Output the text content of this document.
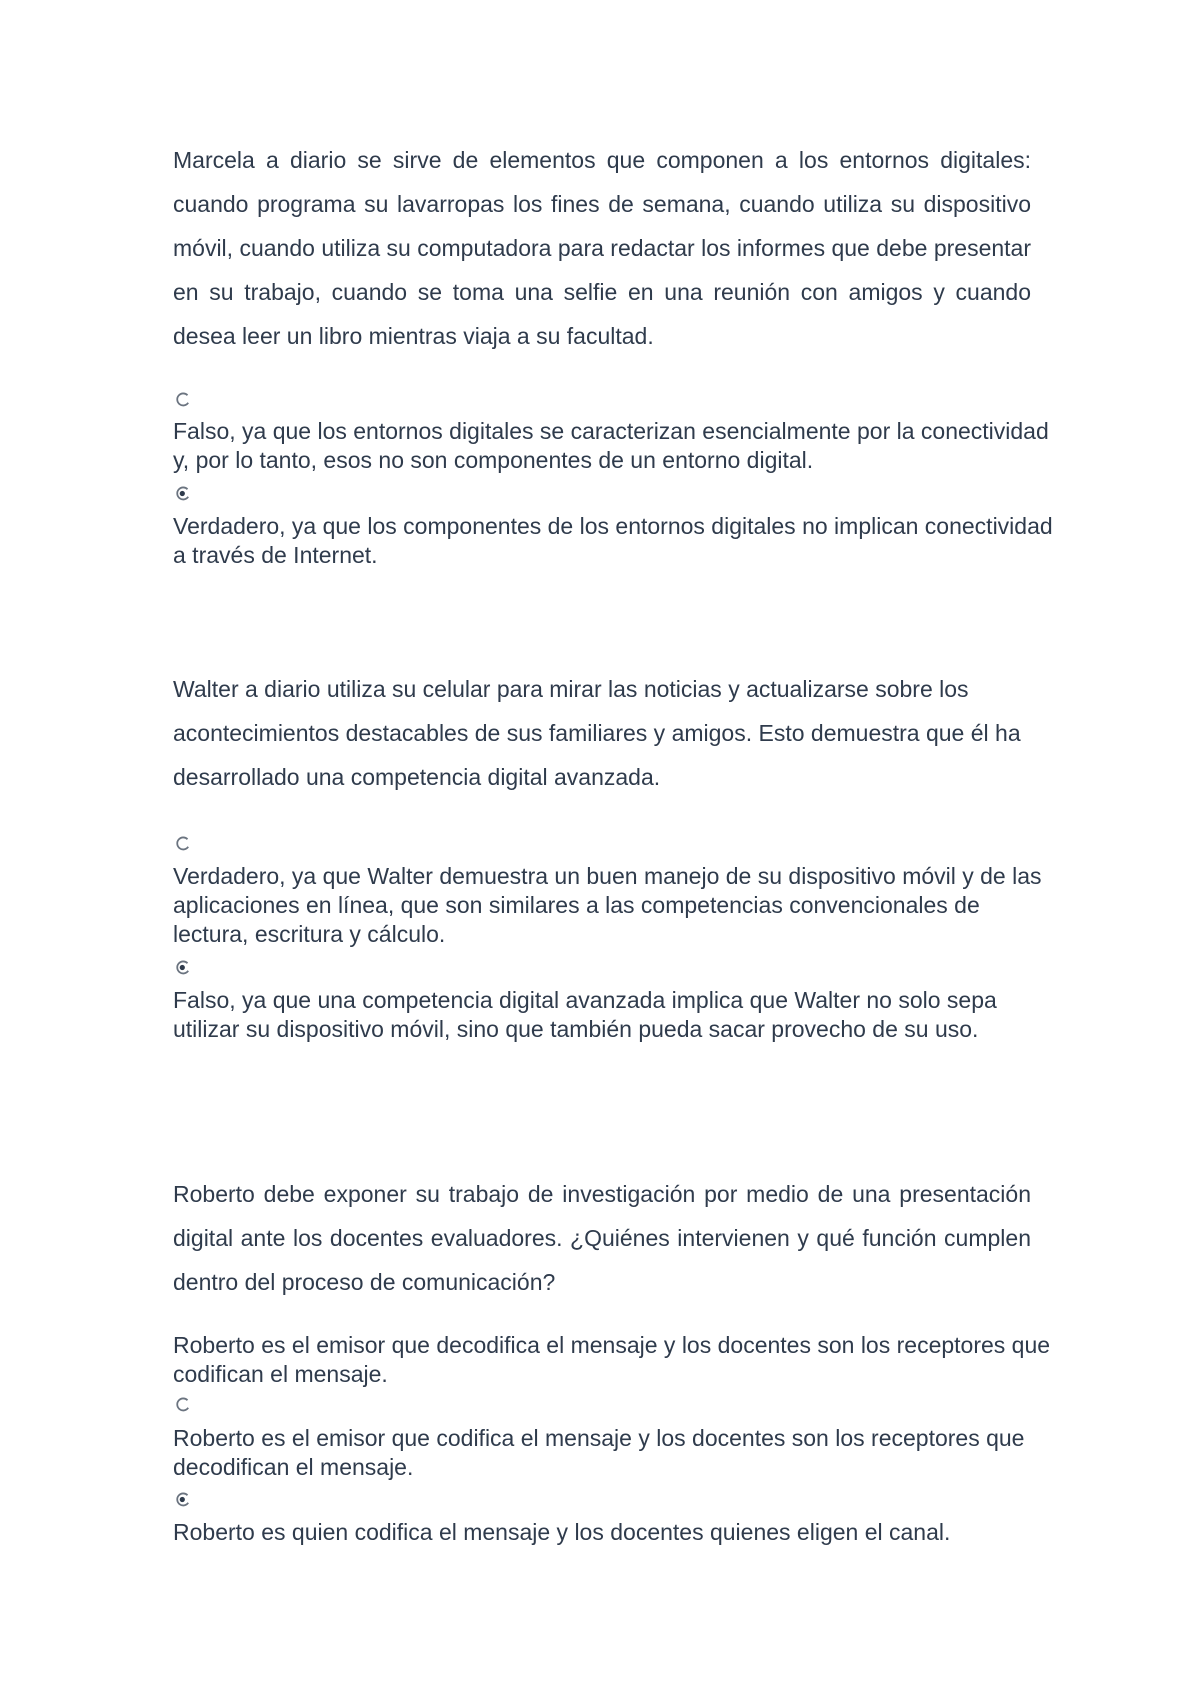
Marcela a diario se sirve de elementos que componen a los entornos digitales: cuando programa su lavarropas los fines de semana, cuando utiliza su dispositivo móvil, cuando utiliza su computadora para redactar los informes que debe presentar en su trabajo, cuando se toma una selfie en una reunión con amigos y cuando desea leer un libro mientras viaja a su facultad.

Falso, ya que los entornos digitales se caracterizan esencialmente por la conectividad y, por lo tanto, esos no son componentes de un entorno digital.

Verdadero, ya que los componentes de los entornos digitales no implican conectividad a través de Internet.

Walter a diario utiliza su celular para mirar las noticias y actualizarse sobre los acontecimientos destacables de sus familiares y amigos. Esto demuestra que él ha desarrollado una competencia digital avanzada.

Verdadero, ya que Walter demuestra un buen manejo de su dispositivo móvil y de las aplicaciones en línea, que son similares a las competencias convencionales de lectura, escritura y cálculo.

Falso, ya que una competencia digital avanzada implica que Walter no solo sepa utilizar su dispositivo móvil, sino que también pueda sacar provecho de su uso.

Roberto debe exponer su trabajo de investigación por medio de una presentación digital ante los docentes evaluadores. ¿Quiénes intervienen y qué función cumplen dentro del proceso de comunicación?

Roberto es el emisor que decodifica el mensaje y los docentes son los receptores que codifican el mensaje.

Roberto es el emisor que codifica el mensaje y los docentes son los receptores que decodifican el mensaje.

Roberto es quien codifica el mensaje y los docentes quienes eligen el canal.
